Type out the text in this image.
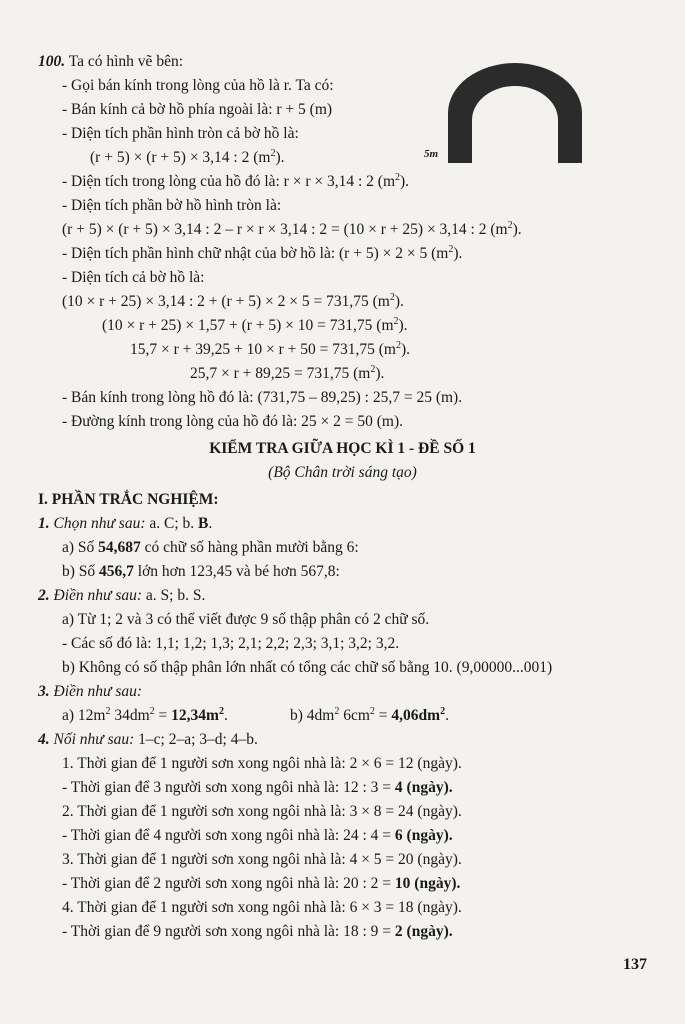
100. Ta có hình vẽ bên:
- Gọi bán kính trong lòng của hồ là r. Ta có:
- Bán kính cả bờ hồ phía ngoài là: r + 5 (m)
- Diện tích phần hình tròn cả bờ hồ là:
(r + 5) × (r + 5) × 3,14 : 2 $(m^2)$.
- Diện tích trong lòng của hồ đó là: r × r × 3,14 : 2 $(m^2)$.
- Diện tích phần bờ hồ hình tròn là:
(r + 5) × (r + 5) × 3,14 : 2 – r × r × 3,14 : 2 = (10 × r + 25) × 3,14 : 2 $(m^2)$.
- Diện tích phần hình chữ nhật của bờ hồ là: (r + 5) × 2 × 5 $(m^2)$.
- Diện tích cả bờ hồ là:
(10 × r + 25) × 3,14 : 2 + (r + 5) × 2 × 5 = 731,75 $(m^2)$.
(10 × r + 25) × 1,57 + (r + 5) × 10 = 731,75 $(m^2)$.
15,7 × r + 39,25 + 10 × r + 50 = 731,75 $(m^2)$.
25,7 × r + 89,25 = 731,75 $(m^2)$.
- Bán kính trong lòng hồ đó là: (731,75 – 89,25) : 25,7 = 25 (m).
- Đường kính trong lòng của hồ đó là: 25 × 2 = 50 (m).
5m
KIỂM TRA GIỮA HỌC KÌ 1 - ĐỀ SỐ 1
(Bộ Chân trời sáng tạo)
I. PHẦN TRẮC NGHIỆM:
1. Chọn như sau: a. C; b. B.
a) Số 54,687 có chữ số hàng phần mười bằng 6:
b) Số 456,7 lớn hơn 123,45 và bé hơn 567,8:
2. Điền như sau: a. S; b. S.
a) Từ 1; 2 và 3 có thể viết được 9 số thập phân có 2 chữ số.
- Các số đó là: 1,1; 1,2; 1,3; 2,1; 2,2; 2,3; 3,1; 3,2; 3,2.
b) Không có số thập phân lớn nhất có tổng các chữ số bằng 10. (9,00000...001)
3. Điền như sau:
a) $12m^2$ $34dm^2 = 12,34m^2$.	b) $4dm^2$ $6cm^2 = 4,06dm^2$.
4. Nối như sau: 1–c; 2–a; 3–d; 4–b.
1. Thời gian để 1 người sơn xong ngôi nhà là: 2 × 6 = 12 (ngày).
- Thời gian để 3 người sơn xong ngôi nhà là: 12 : 3 = 4 (ngày).
2. Thời gian để 1 người sơn xong ngôi nhà là: 3 × 8 = 24 (ngày).
- Thời gian để 4 người sơn xong ngôi nhà là: 24 : 4 = 6 (ngày).
3. Thời gian để 1 người sơn xong ngôi nhà là: 4 × 5 = 20 (ngày).
- Thời gian để 2 người sơn xong ngôi nhà là: 20 : 2 = 10 (ngày).
4. Thời gian để 1 người sơn xong ngôi nhà là: 6 × 3 = 18 (ngày).
- Thời gian để 9 người sơn xong ngôi nhà là: 18 : 9 = 2 (ngày).
137
